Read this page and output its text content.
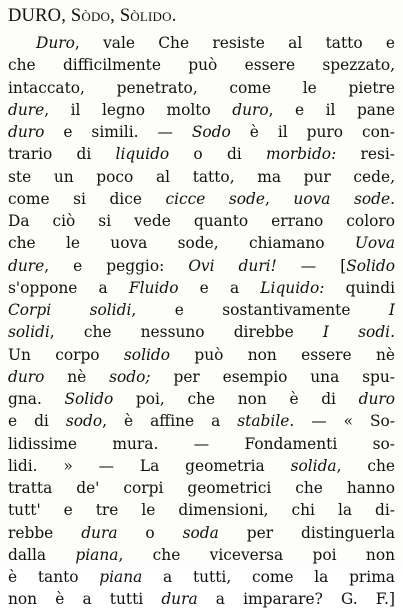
DURO, Sòdo, Sòlido.
Duro, vale Che resiste al tatto e
che difficilmente può essere spezzato,
intaccato, penetrato, come le pietre
dure, il legno molto duro, e il pane
duro e simili. — Sodo è il puro con-
trario di liquido o di morbido: resi-
ste un poco al tatto, ma pur cede,
come si dice cicce sode, uova sode.
Da ciò si vede quanto errano coloro
che le uova sode, chiamano Uova
dure, e peggio: Ovi duri! — [Solido
s'oppone a Fluido e a Liquido: quindi
Corpi solidi, e sostantivamente I
solidi, che nessuno direbbe I sodi.
Un corpo solido può non essere nè
duro nè sodo; per esempio una spu-
gna. Solido poi, che non è di duro
e di sodo, è affine a stabile. — « So-
lidissime mura. — Fondamenti so-
lidi. » — La geometria solida, che
tratta de' corpi geometrici che hanno
tutt' e tre le dimensioni, chi la di-
rebbe dura o soda per distinguerla
dalla piana, che viceversa poi non
è tanto piana a tutti, come la prima
non è a tutti dura a imparare? G. F.]
